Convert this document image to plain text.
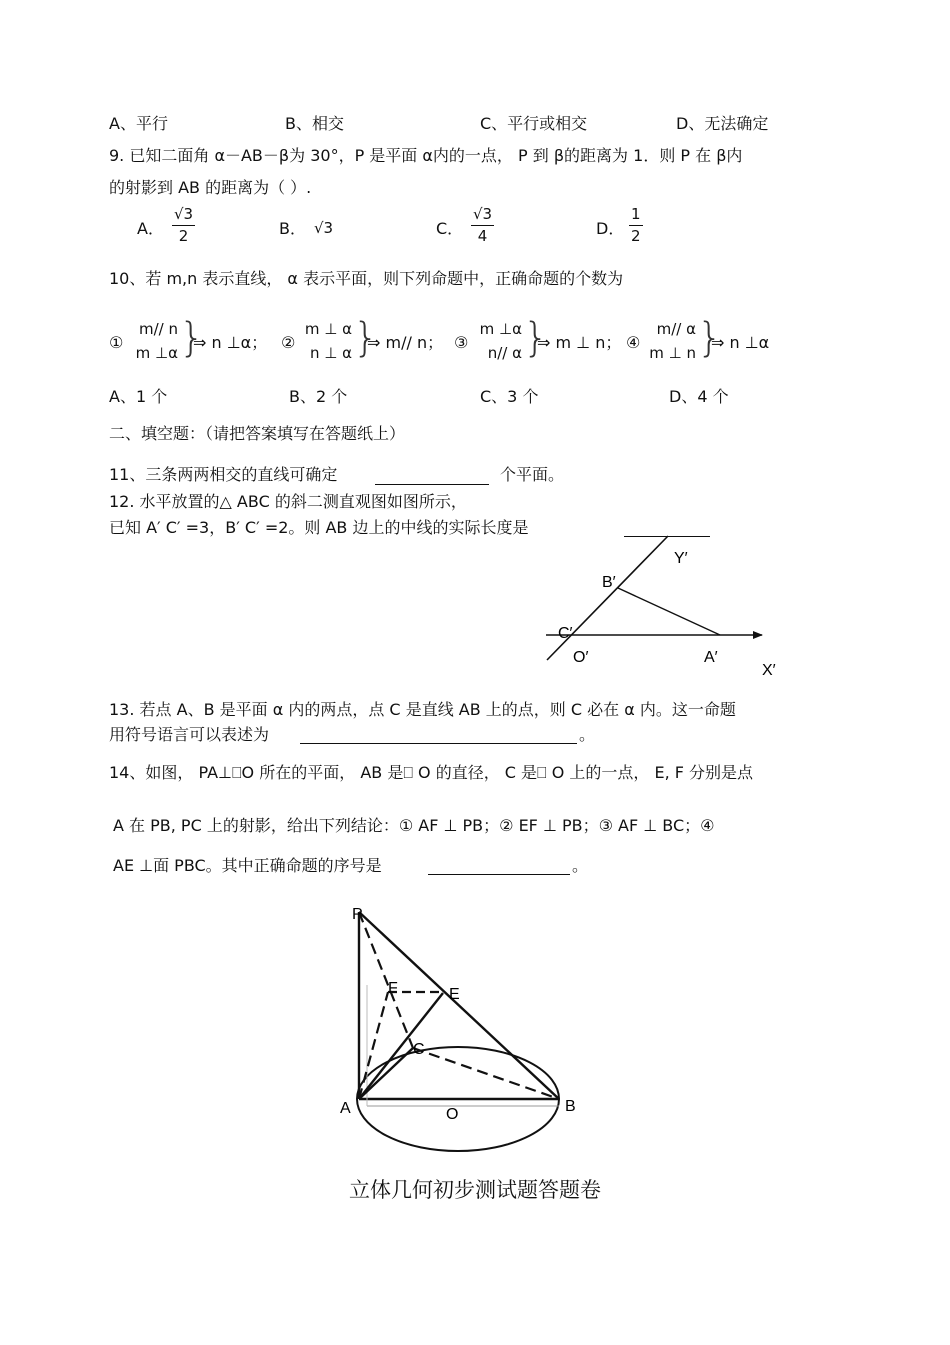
A、平行	B、相交	C、平行或相交	D、无法确定
9. 已知二面角 α－AB－β为 30°，P 是平面 α内的一点， P 到 β的距离为 1．则 P 在 β内
的射影到 AB 的距离为（ ）.
A． $\frac{√3}{2}$	B． √3	C． $\frac{√3}{4}$	D． $\frac{1}{2}$
10、若 m,n 表示直线， α 表示平面，则下列命题中，正确命题的个数为
①
m// n
m ⊥α }
⇒ n ⊥α； ②
m ⊥ α
n ⊥ α }
⇒ m// n； ③
m ⊥α
n// α }
⇒ m ⊥ n； ④
m// α
m ⊥ n }
⇒ n ⊥α
A、1 个	B、2 个	C、3 个	D、4 个
二、填空题：（请把答案填写在答题纸上）
11、三条两两相交的直线可确定	个平面。
12. 水平放置的△ ABC 的斜二测直观图如图所示，
已知 A′ C′ =3，B′ C′ =2。则 AB 边上的中线的实际长度是
Y′
B′
C′
O′	A′
X′
13. 若点 A、B 是平面 α 内的两点，点 C 是直线 AB 上的点，则 C 必在 α 内。这一命题
用符号语言可以表述为	。
14、如图， PA⊥⎕O 所在的平面， AB 是⎕ O 的直径， C 是⎕ O 上的一点， E, F 分别是点
A 在 PB, PC 上的射影，给出下列结论：① AF ⊥ PB；② EF ⊥ PB；③ AF ⊥ BC；④
AE ⊥面 PBC。其中正确命题的序号是	。
P
F	E
C
A	O	B
立体几何初步测试题答题卷
